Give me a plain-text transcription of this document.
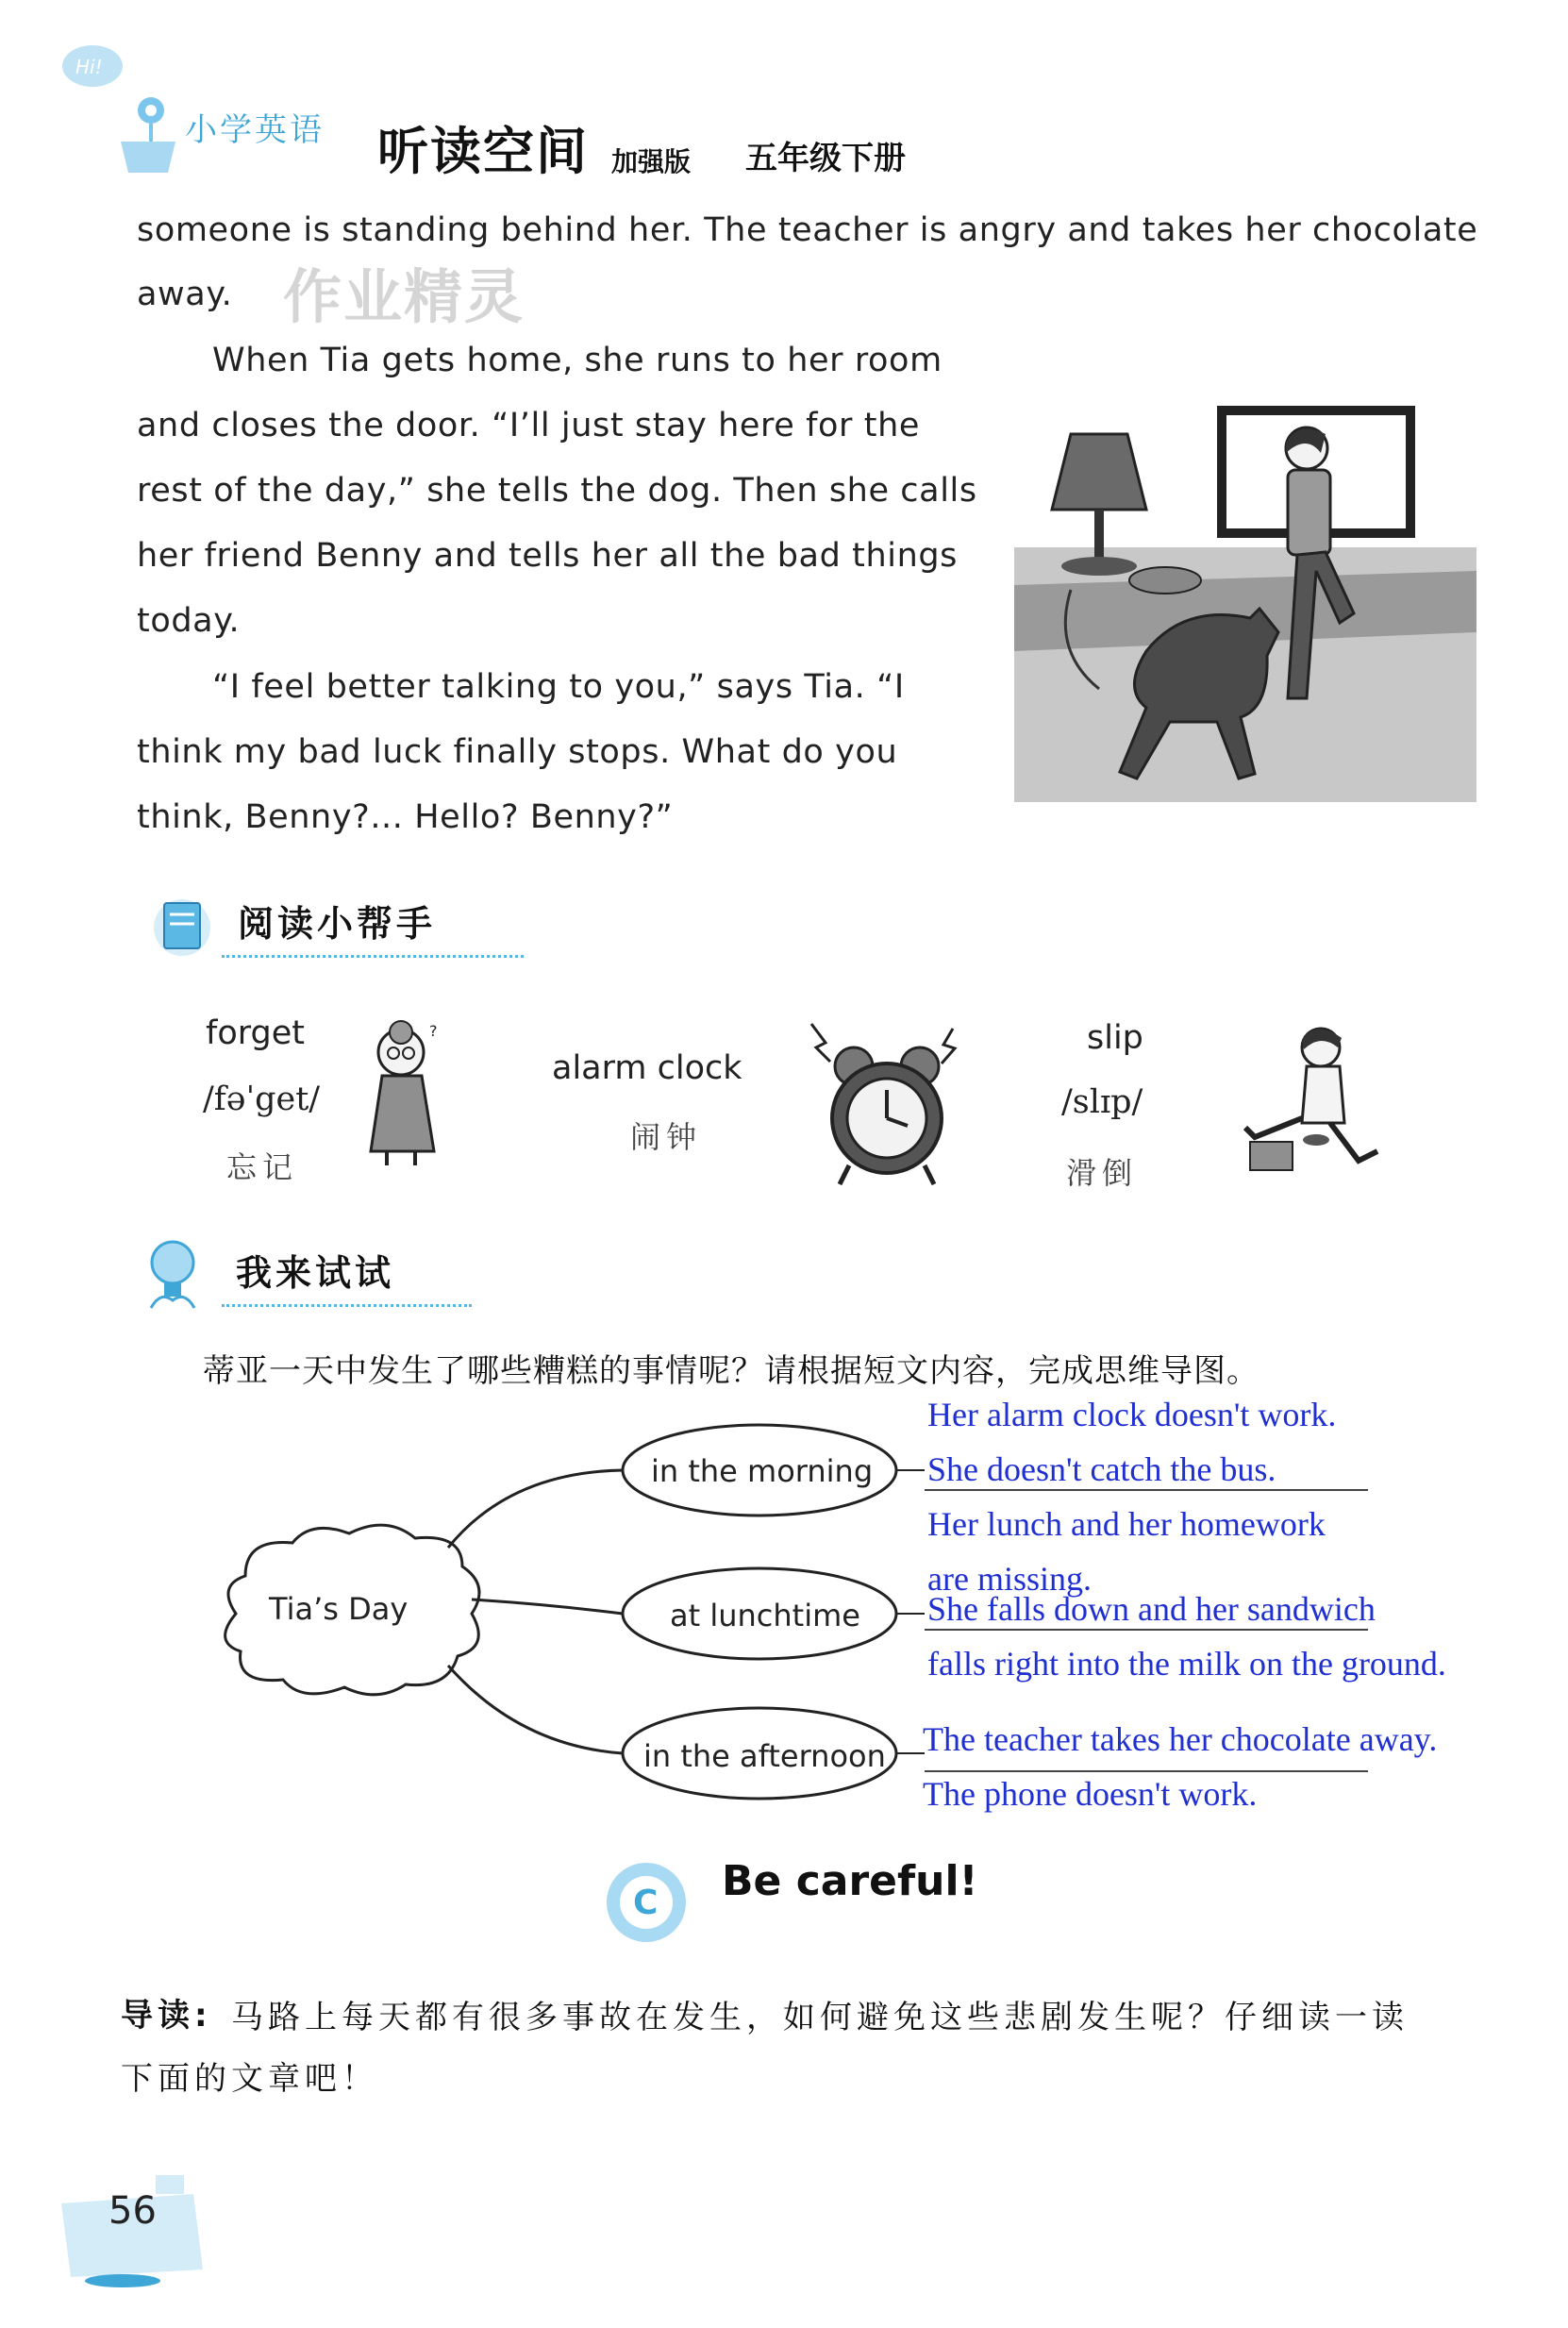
Hi!
小学英语 听读空间 加强版 五年级下册

someone is standing behind her. The teacher is angry and takes her chocolate

away.

When Tia gets home, she runs to her room

and closes the door. “I’ll just stay here for the

rest of the day,” she tells the dog. Then she calls

her friend Benny and tells her all the bad things

today.

“I feel better talking to you,” says Tia. “I

think my bad luck finally stops. What do you

think, Benny?... Hello? Benny?”

作业精灵
阅读小帮手
forget
/fəˈget/
忘记
?
alarm clock
闹钟
slip
/slɪp/
滑倒
我来试试
蒂亚一天中发生了哪些糟糕的事情呢？请根据短文内容，完成思维导图。
Tia’s Day
in the morning
at lunchtime
in the afternoon
Her alarm clock doesn't work.
She doesn't catch the bus.
Her lunch and her homework
are missing.
She falls down and her sandwich
falls right into the milk on the ground.
The teacher takes her chocolate away.
The phone doesn't work.
C Be careful!
导读: 马路上每天都有很多事故在发生，如何避免这些悲剧发生呢？仔细读一读
下面的文章吧！
56
